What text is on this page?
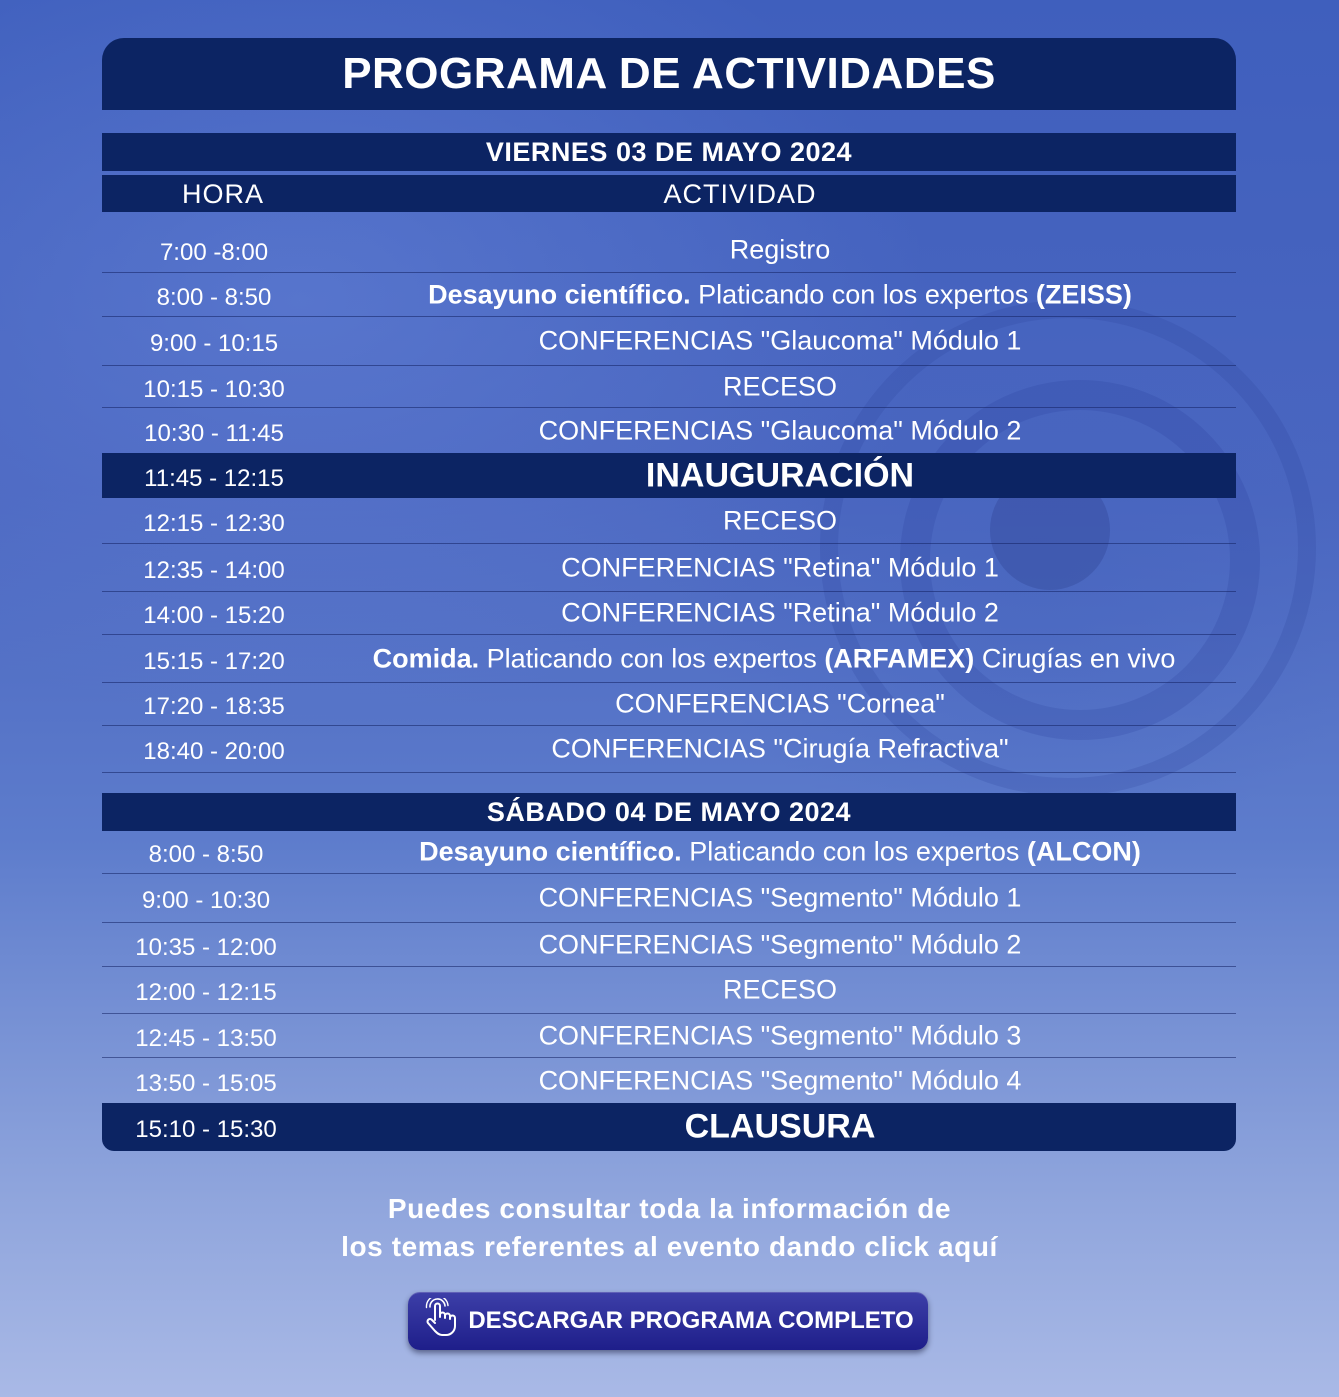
PROGRAMA DE ACTIVIDADES
VIERNES 03 DE MAYO 2024
HORA	ACTIVIDAD
7:00 -8:00	Registro
8:00 - 8:50	Desayuno científico. Platicando con los expertos (ZEISS)
9:00 - 10:15	CONFERENCIAS "Glaucoma" Módulo 1
10:15 - 10:30	RECESO
10:30 - 11:45	CONFERENCIAS "Glaucoma" Módulo 2
11:45 - 12:15	INAUGURACIÓN
12:15 - 12:30	RECESO
12:35 - 14:00	CONFERENCIAS "Retina" Módulo 1
14:00 - 15:20	CONFERENCIAS "Retina" Módulo 2
15:15 - 17:20	Comida. Platicando con los expertos (ARFAMEX) Cirugías en vivo
17:20 - 18:35	CONFERENCIAS "Cornea"
18:40 - 20:00	CONFERENCIAS "Cirugía Refractiva"
SÁBADO 04 DE MAYO 2024
8:00 - 8:50	Desayuno científico. Platicando con los expertos (ALCON)
9:00 - 10:30	CONFERENCIAS "Segmento" Módulo 1
10:35 - 12:00	CONFERENCIAS "Segmento" Módulo 2
12:00 - 12:15	RECESO
12:45 - 13:50	CONFERENCIAS "Segmento" Módulo 3
13:50 - 15:05	CONFERENCIAS "Segmento" Módulo 4
15:10 - 15:30	CLAUSURA
Puedes consultar toda la información de
los temas referentes al evento dando click aquí
DESCARGAR PROGRAMA COMPLETO
